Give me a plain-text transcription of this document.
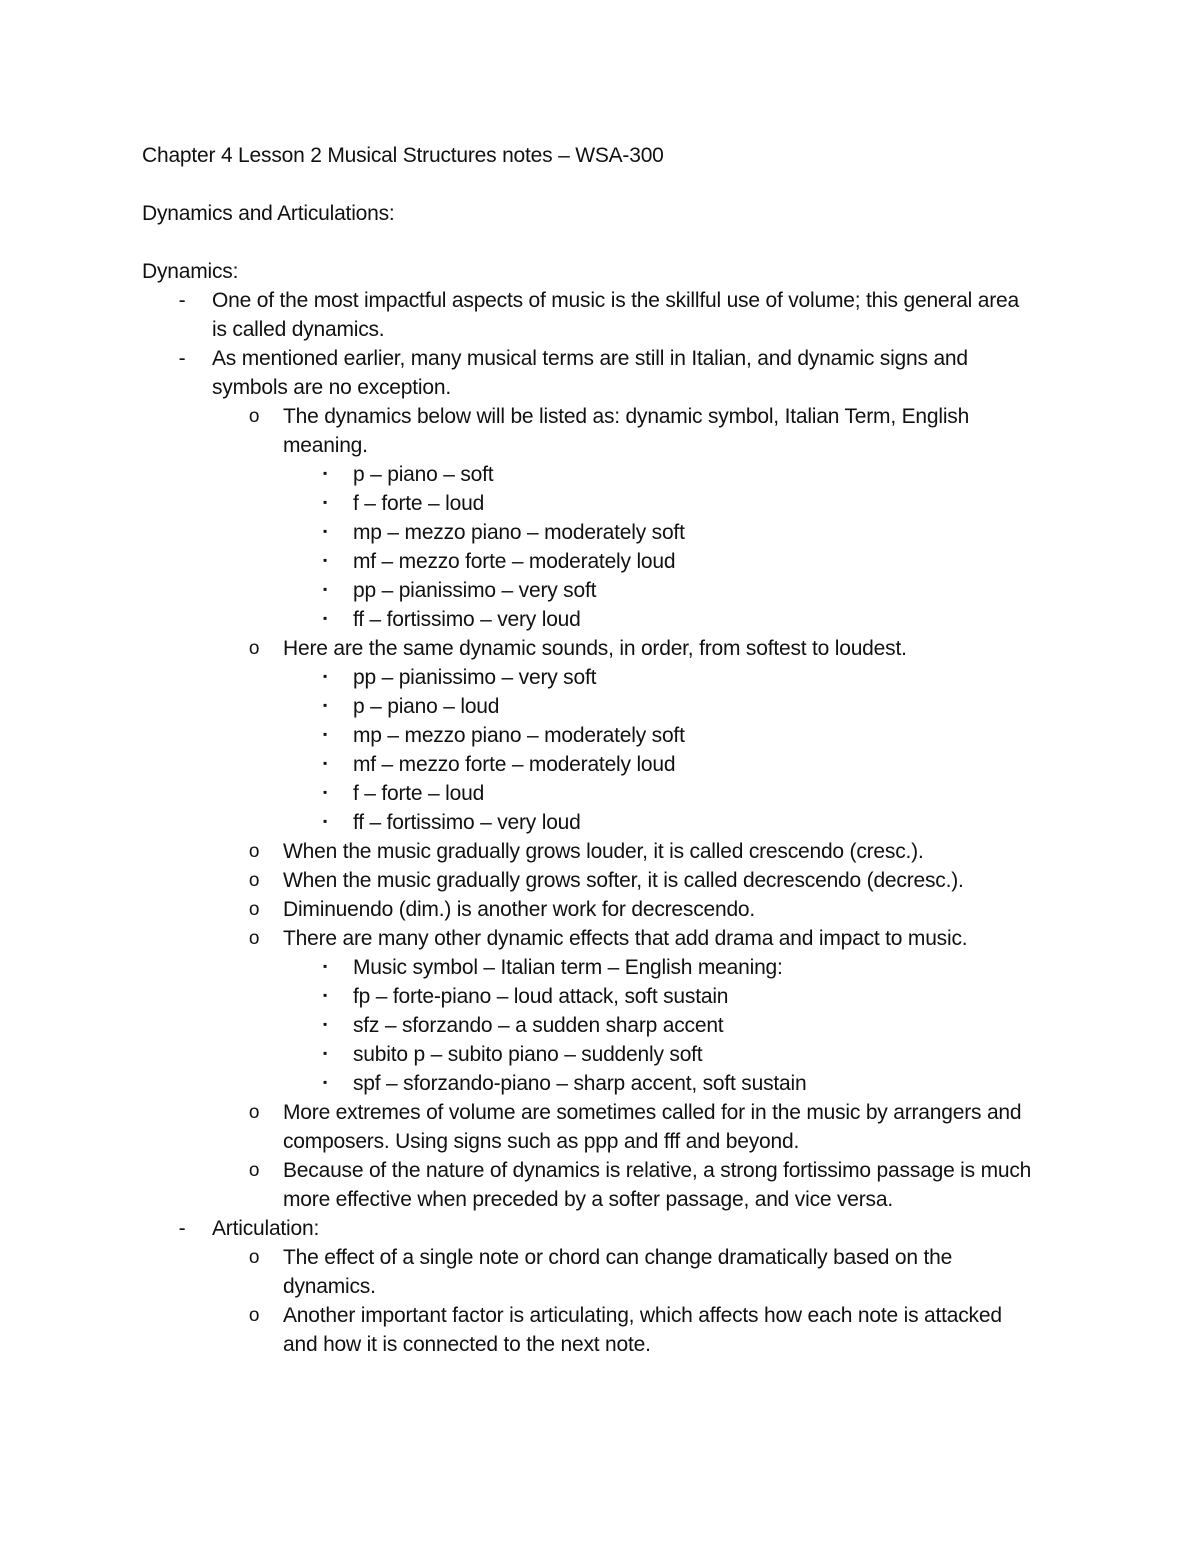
Chapter 4 Lesson 2 Musical Structures notes – WSA-300

Dynamics and Articulations:

Dynamics:

-	One of the most impactful aspects of music is the skillful use of volume; this general area

is called dynamics.

-	As mentioned earlier, many musical terms are still in Italian, and dynamic signs and

symbols are no exception.

o The dynamics below will be listed as: dynamic symbol, Italian Term, English

meaning.

▪	p – piano – soft

▪	f – forte – loud

▪	mp – mezzo piano – moderately soft

▪	mf – mezzo forte – moderately loud

▪	pp – pianissimo – very soft

▪	ff – fortissimo – very loud

o Here are the same dynamic sounds, in order, from softest to loudest.

▪	pp – pianissimo – very soft

▪	p – piano – loud

▪	mp – mezzo piano – moderately soft

▪	mf – mezzo forte – moderately loud

▪	f – forte – loud

▪	ff – fortissimo – very loud

o When the music gradually grows louder, it is called crescendo (cresc.).

o When the music gradually grows softer, it is called decrescendo (decresc.).

o Diminuendo (dim.) is another work for decrescendo.

o There are many other dynamic effects that add drama and impact to music.

▪	Music symbol – Italian term – English meaning:

▪	fp – forte-piano – loud attack, soft sustain

▪	sfz – sforzando – a sudden sharp accent

▪	subito p – subito piano – suddenly soft

▪	spf – sforzando-piano – sharp accent, soft sustain

o More extremes of volume are sometimes called for in the music by arrangers and

composers. Using signs such as ppp and fff and beyond.

o Because of the nature of dynamics is relative, a strong fortissimo passage is much

more effective when preceded by a softer passage, and vice versa.

-	Articulation:

o The effect of a single note or chord can change dramatically based on the

dynamics.

o Another important factor is articulating, which affects how each note is attacked

and how it is connected to the next note.
